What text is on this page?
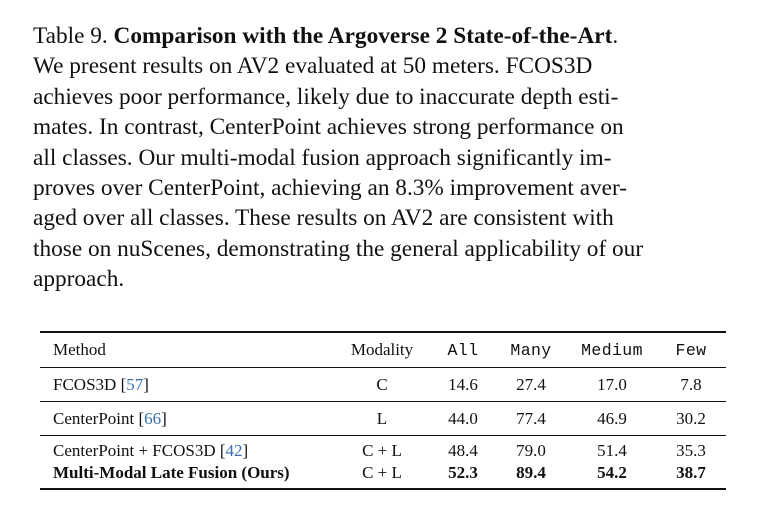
Table 9. Comparison with the Argoverse 2 State-of-the-Art.
We present results on AV2 evaluated at 50 meters. FCOS3D
achieves poor performance, likely due to inaccurate depth esti-
mates. In contrast, CenterPoint achieves strong performance on
all classes. Our multi-modal fusion approach significantly im-
proves over CenterPoint, achieving an 8.3% improvement aver-
aged over all classes. These results on AV2 are consistent with
those on nuScenes, demonstrating the general applicability of our
approach.
Method	Modality	All	Many	Medium	Few
FCOS3D [57]	C	14.6	27.4	17.0	7.8
CenterPoint [66]	L	44.0	77.4	46.9	30.2
CenterPoint + FCOS3D [42]	C + L	48.4	79.0	51.4	35.3
Multi-Modal Late Fusion (Ours)	C + L	52.3	89.4	54.2	38.7
